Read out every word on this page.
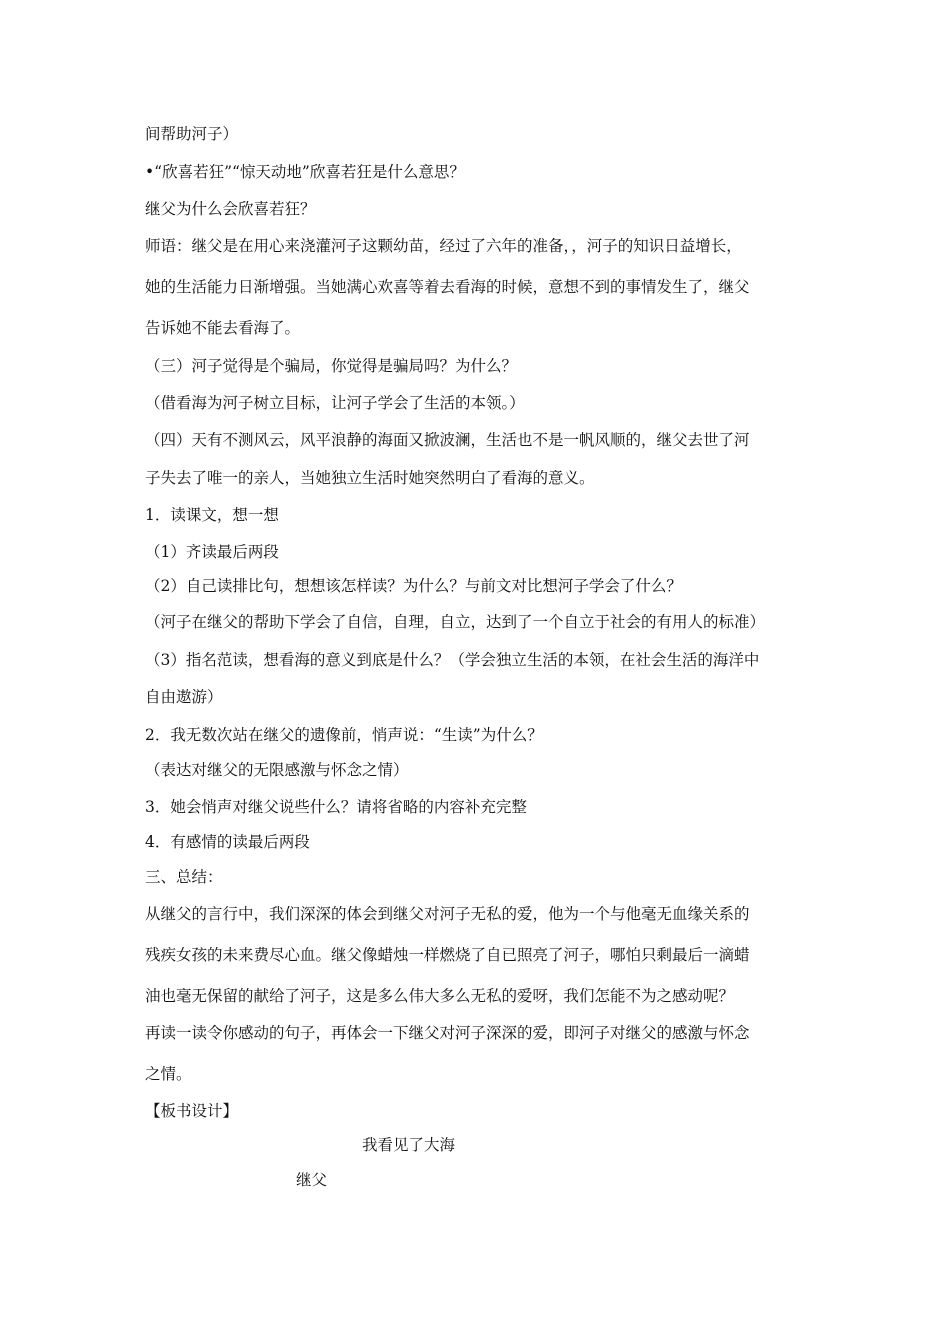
间帮助河子）
•“欣喜若狂”“惊天动地”欣喜若狂是什么意思？
继父为什么会欣喜若狂？
师语：继父是在用心来浇灌河子这颗幼苗，经过了六年的准备，，河子的知识日益增长，
她的生活能力日渐增强。当她满心欢喜等着去看海的时候，意想不到的事情发生了，继父
告诉她不能去看海了。
（三）河子觉得是个骗局，你觉得是骗局吗？为什么？
（借看海为河子树立目标，让河子学会了生活的本领。）
（四）天有不测风云，风平浪静的海面又掀波澜，生活也不是一帆风顺的，继父去世了河
子失去了唯一的亲人，当她独立生活时她突然明白了看海的意义。
1．读课文，想一想
（1）齐读最后两段
（2）自己读排比句，想想该怎样读？为什么？与前文对比想河子学会了什么？
（河子在继父的帮助下学会了自信，自理，自立，达到了一个自立于社会的有用人的标准）
（3）指名范读，想看海的意义到底是什么？（学会独立生活的本领，在社会生活的海洋中
自由遨游）
2．我无数次站在继父的遗像前，悄声说：“生读”为什么？
（表达对继父的无限感激与怀念之情）
3．她会悄声对继父说些什么？请将省略的内容补充完整
4．有感情的读最后两段
三、总结：
从继父的言行中，我们深深的体会到继父对河子无私的爱，他为一个与他毫无血缘关系的
残疾女孩的未来费尽心血。继父像蜡烛一样燃烧了自已照亮了河子，哪怕只剩最后一滴蜡
油也毫无保留的献给了河子，这是多么伟大多么无私的爱呀，我们怎能不为之感动呢？
再读一读令你感动的句子，再体会一下继父对河子深深的爱，即河子对继父的感激与怀念
之情。
【板书设计】
我看见了大海
继父
